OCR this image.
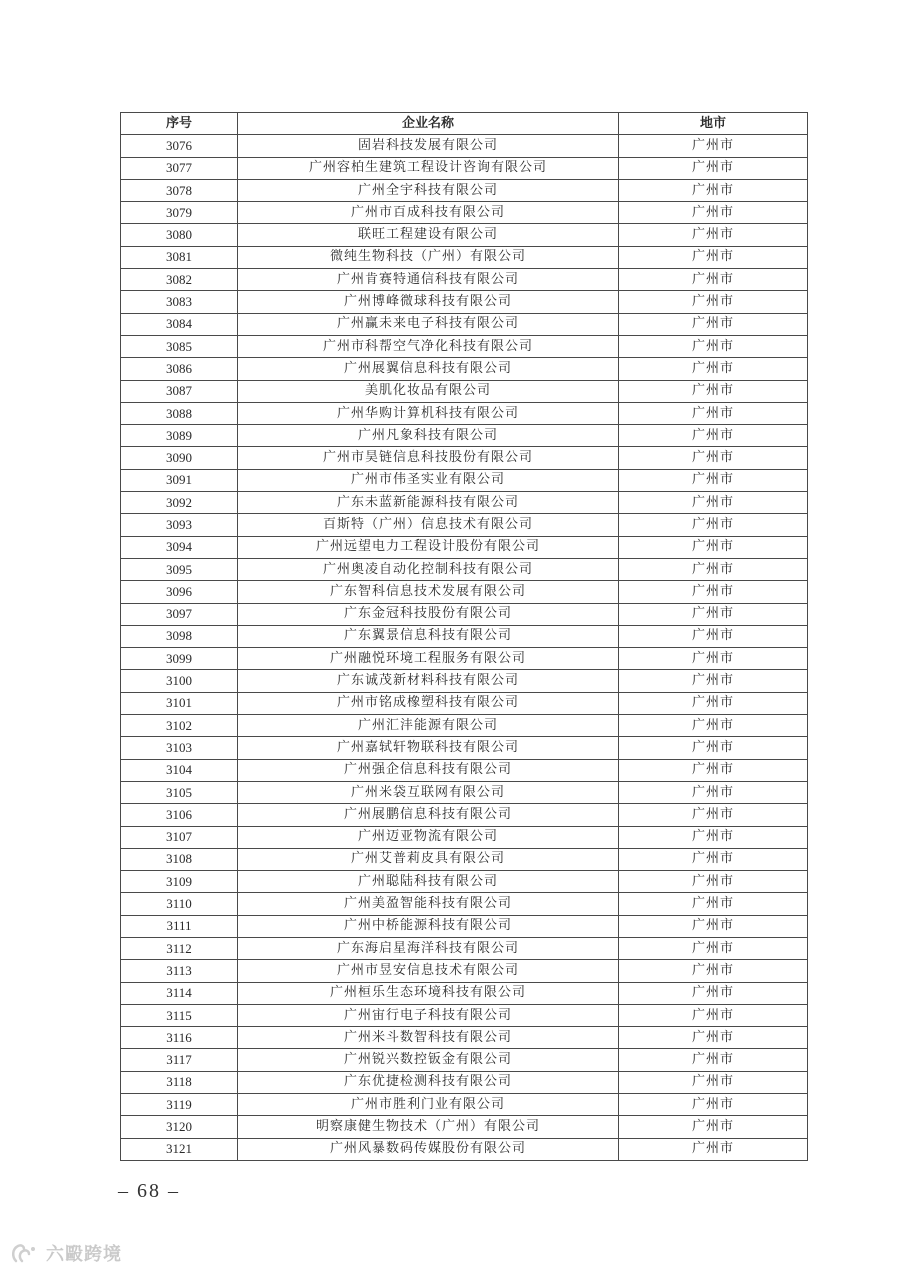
序号	企业名称	地市
3076	固岩科技发展有限公司	广州市
3077	广州容柏生建筑工程设计咨询有限公司	广州市
3078	广州全宇科技有限公司	广州市
3079	广州市百成科技有限公司	广州市
3080	联旺工程建设有限公司	广州市
3081	微纯生物科技（广州）有限公司	广州市
3082	广州肯赛特通信科技有限公司	广州市
3083	广州博峰微球科技有限公司	广州市
3084	广州赢未来电子科技有限公司	广州市
3085	广州市科帮空气净化科技有限公司	广州市
3086	广州展翼信息科技有限公司	广州市
3087	美肌化妆品有限公司	广州市
3088	广州华购计算机科技有限公司	广州市
3089	广州凡象科技有限公司	广州市
3090	广州市昊链信息科技股份有限公司	广州市
3091	广州市伟圣实业有限公司	广州市
3092	广东未蓝新能源科技有限公司	广州市
3093	百斯特（广州）信息技术有限公司	广州市
3094	广州远望电力工程设计股份有限公司	广州市
3095	广州奥凌自动化控制科技有限公司	广州市
3096	广东智科信息技术发展有限公司	广州市
3097	广东金冠科技股份有限公司	广州市
3098	广东翼景信息科技有限公司	广州市
3099	广州融悦环境工程服务有限公司	广州市
3100	广东诚茂新材料科技有限公司	广州市
3101	广州市铭成橡塑科技有限公司	广州市
3102	广州汇沣能源有限公司	广州市
3103	广州嘉轼轩物联科技有限公司	广州市
3104	广州强企信息科技有限公司	广州市
3105	广州米袋互联网有限公司	广州市
3106	广州展鹏信息科技有限公司	广州市
3107	广州迈亚物流有限公司	广州市
3108	广州艾普莉皮具有限公司	广州市
3109	广州聪陆科技有限公司	广州市
3110	广州美盈智能科技有限公司	广州市
3111	广州中桥能源科技有限公司	广州市
3112	广东海启星海洋科技有限公司	广州市
3113	广州市昱安信息技术有限公司	广州市
3114	广州桓乐生态环境科技有限公司	广州市
3115	广州宙行电子科技有限公司	广州市
3116	广州米斗数智科技有限公司	广州市
3117	广州锐兴数控钣金有限公司	广州市
3118	广东优捷检测科技有限公司	广州市
3119	广州市胜利门业有限公司	广州市
3120	明察康健生物技术（广州）有限公司	广州市
3121	广州风暴数码传媒股份有限公司	广州市
– 68 –
六毆跨境
